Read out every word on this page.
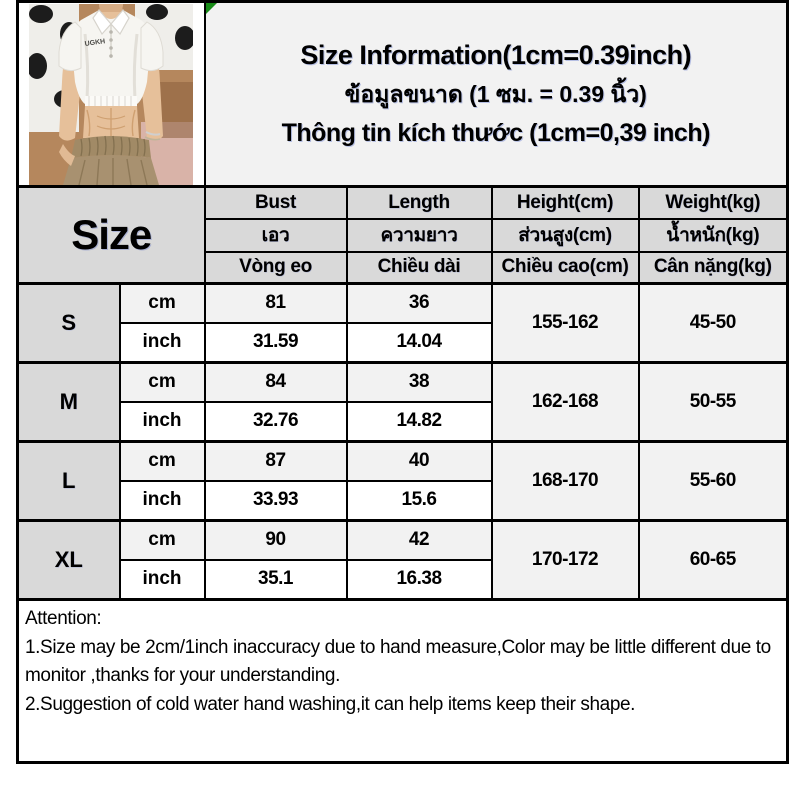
UGKH		Size Information(1cm=0.39inch)
ข้อมูลขนาด (1 ซม. = 0.39 นิ้ว)
Thông tin kích thước (1cm=0,39 inch)			

Size		Bust	Length	Height(cm)	Weight(kg)
		เอว	ความยาว	ส่วนสูง(cm)	น้ำหนัก(kg)
		Vòng eo	Chiều dài	Chiều cao(cm)	Cân nặng(kg)
S	cm	81	36	155-162	45-50
	inch	31.59	14.04		
M	cm	84	38	162-168	50-55
	inch	32.76	14.82		
L	cm	87	40	168-170	55-60
	inch	33.93	15.6		
XL	cm	90	42	170-172	60-65
	inch	35.1	16.38		

Attention:
1.Size may be 2cm/1inch inaccuracy due to hand measure,Color may be little different due to monitor ,thanks for your understanding.
2.Suggestion of cold water hand washing,it can help items keep their shape.					
